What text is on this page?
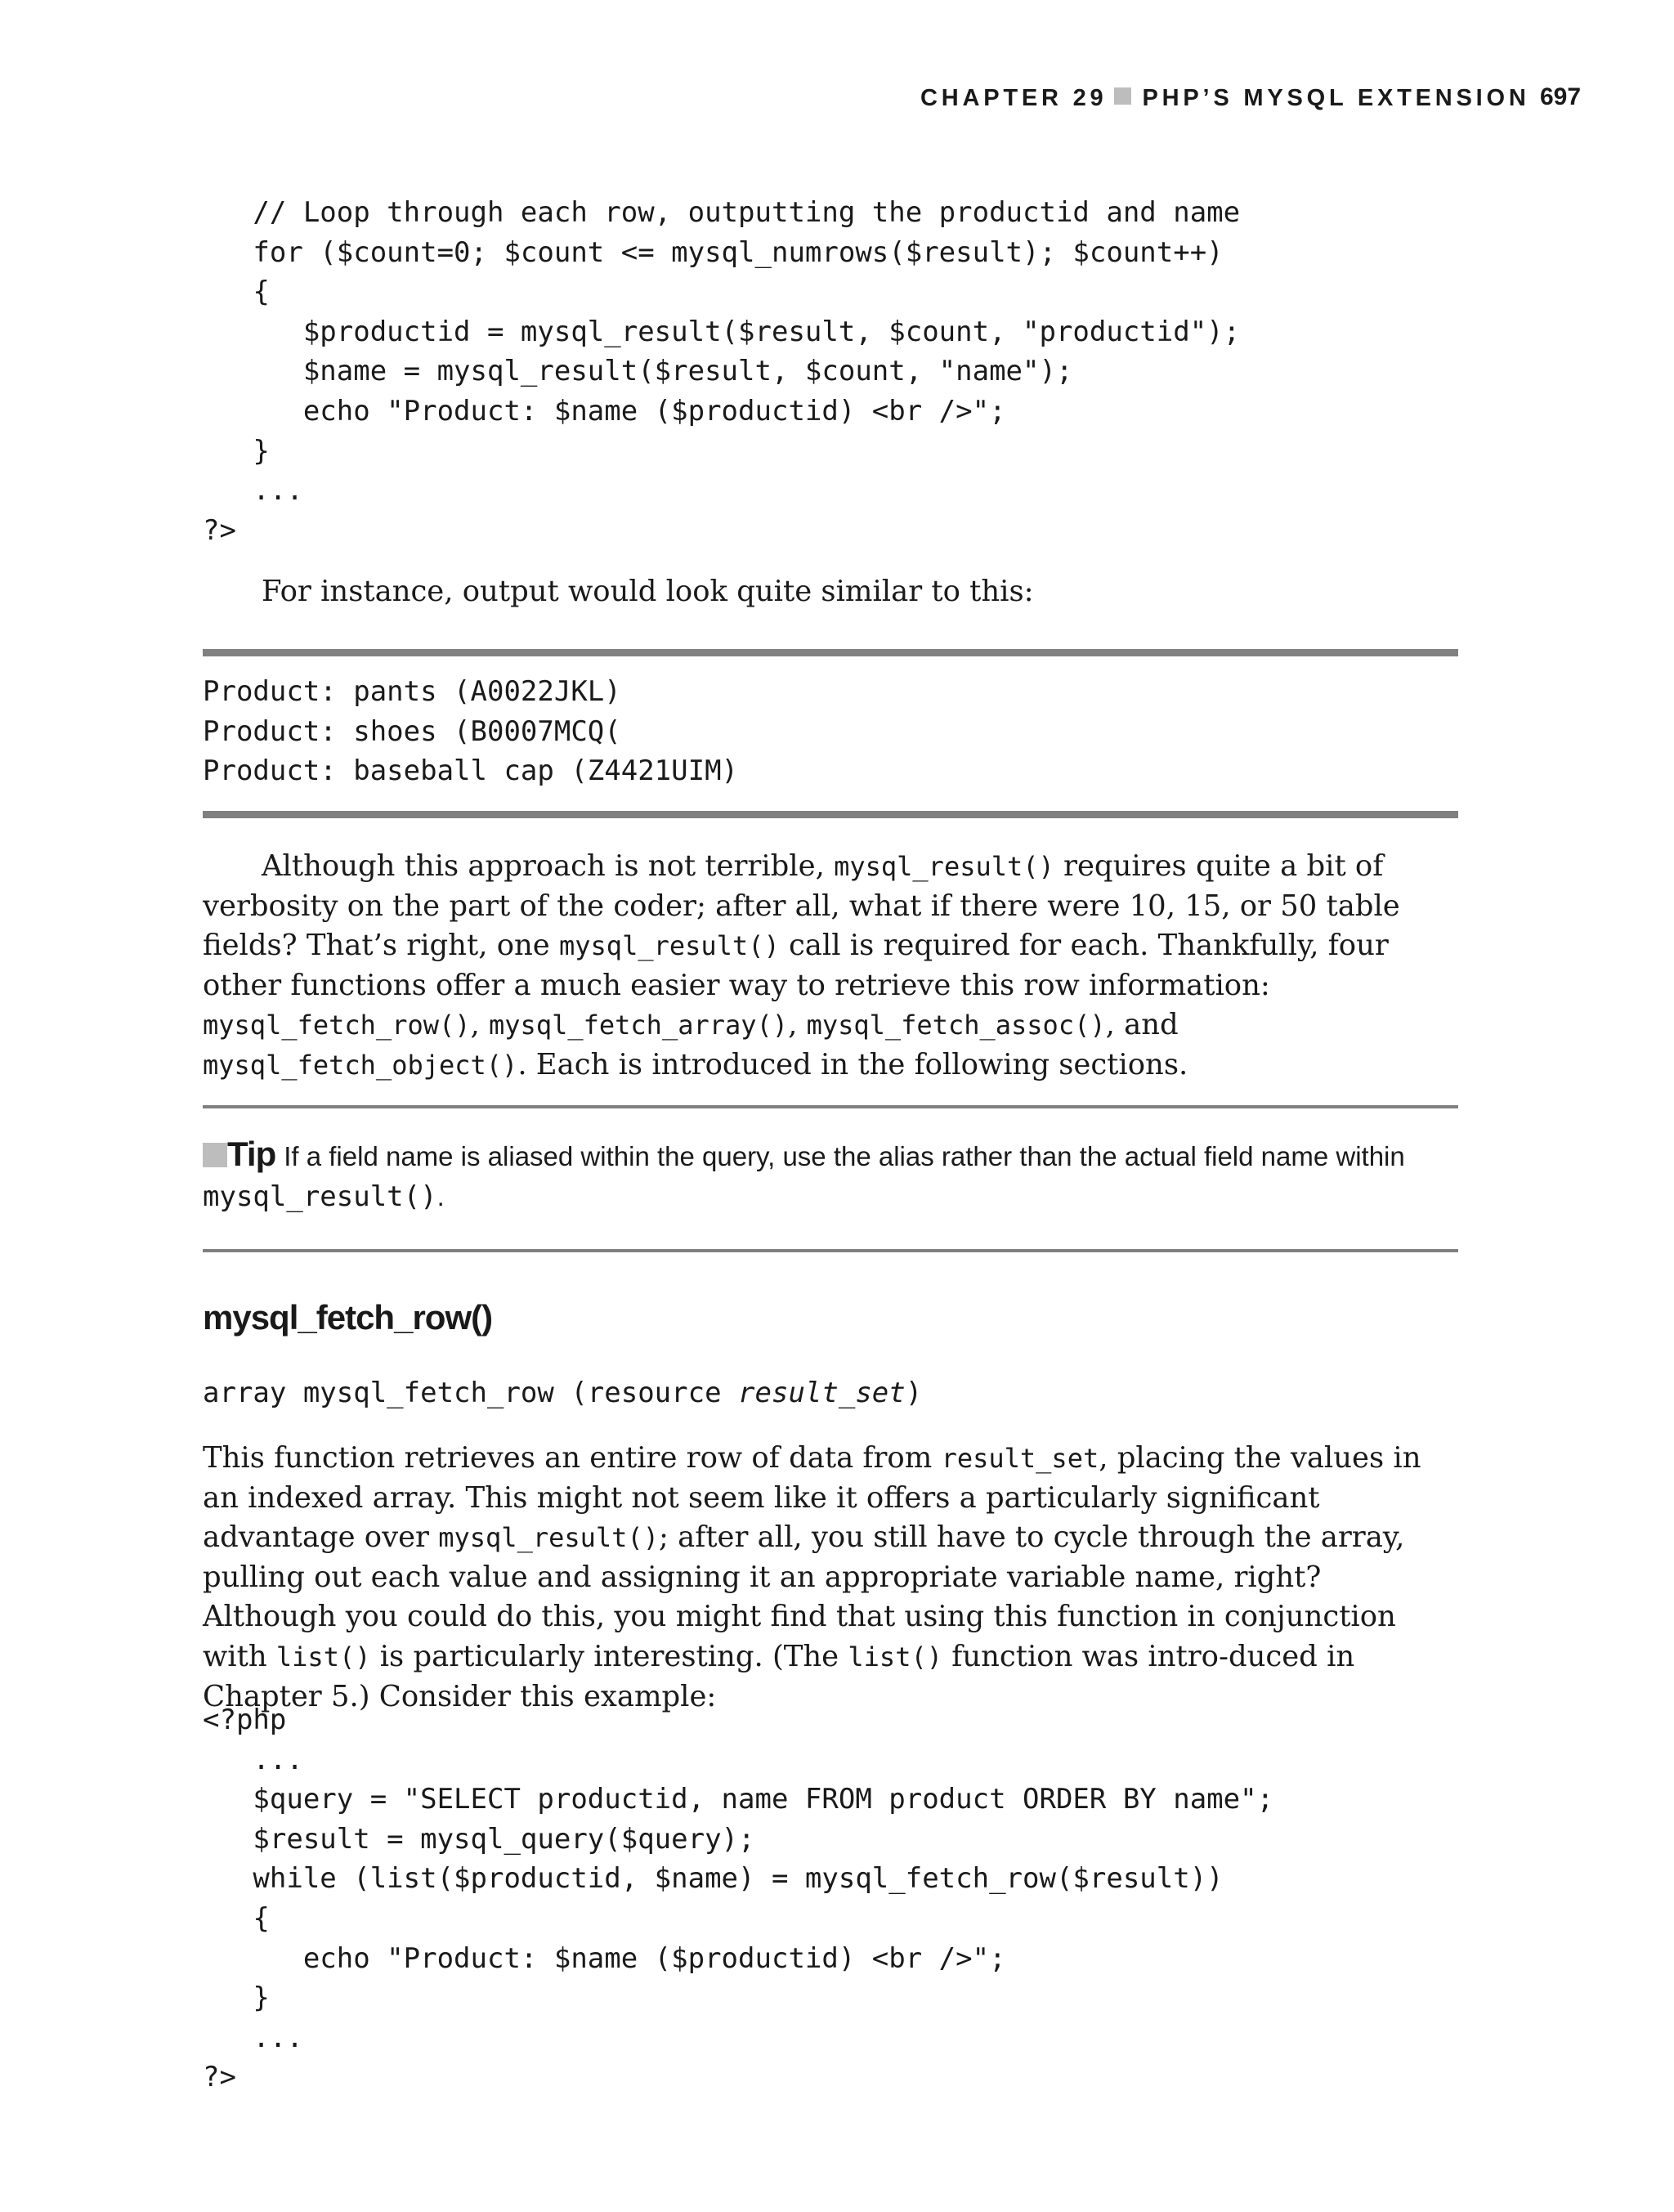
CHAPTER 29 PHP’S MYSQL EXTENSION 697
// Loop through each row, outputting the productid and name
for ($count=0; $count <= mysql_numrows($result); $count++)
{
$productid = mysql_result($result, $count, "productid");
$name = mysql_result($result, $count, "name");
echo "Product: $name ($productid) <br />";
}
...
?>

For instance, output would look quite similar to this:

Product: pants (A0022JKL)
Product: shoes (B0007MCQ(
Product: baseball cap (Z4421UIM)

Although this approach is not terrible, mysql_result() requires quite a bit of verbosity on the part of the coder; after all, what if there were 10, 15, or 50 table fields? That’s right, one mysql_result() call is required for each. Thankfully, four other functions offer a much easier way to retrieve this row information: mysql_fetch_row(), mysql_fetch_array(), mysql_fetch_assoc(), and mysql_fetch_object(). Each is introduced in the following sections.

Tip If a field name is aliased within the query, use the alias rather than the actual field name within
mysql_result().
mysql_fetch_row()

array mysql_fetch_row (resource result_set)

This function retrieves an entire row of data from result_set, placing the values in an indexed array. This might not seem like it offers a particularly significant advantage over mysql_result(); after all, you still have to cycle through the array, pulling out each value and assigning it an appropriate variable name, right? Although you could do this, you might find that using this function in conjunction with list() is particularly interesting. (The list() function was intro-duced in Chapter 5.) Consider this example:

<?php
...
$query = "SELECT productid, name FROM product ORDER BY name";
$result = mysql_query($query);
while (list($productid, $name) = mysql_fetch_row($result))
{
echo "Product: $name ($productid) <br />";
}
...
?>
